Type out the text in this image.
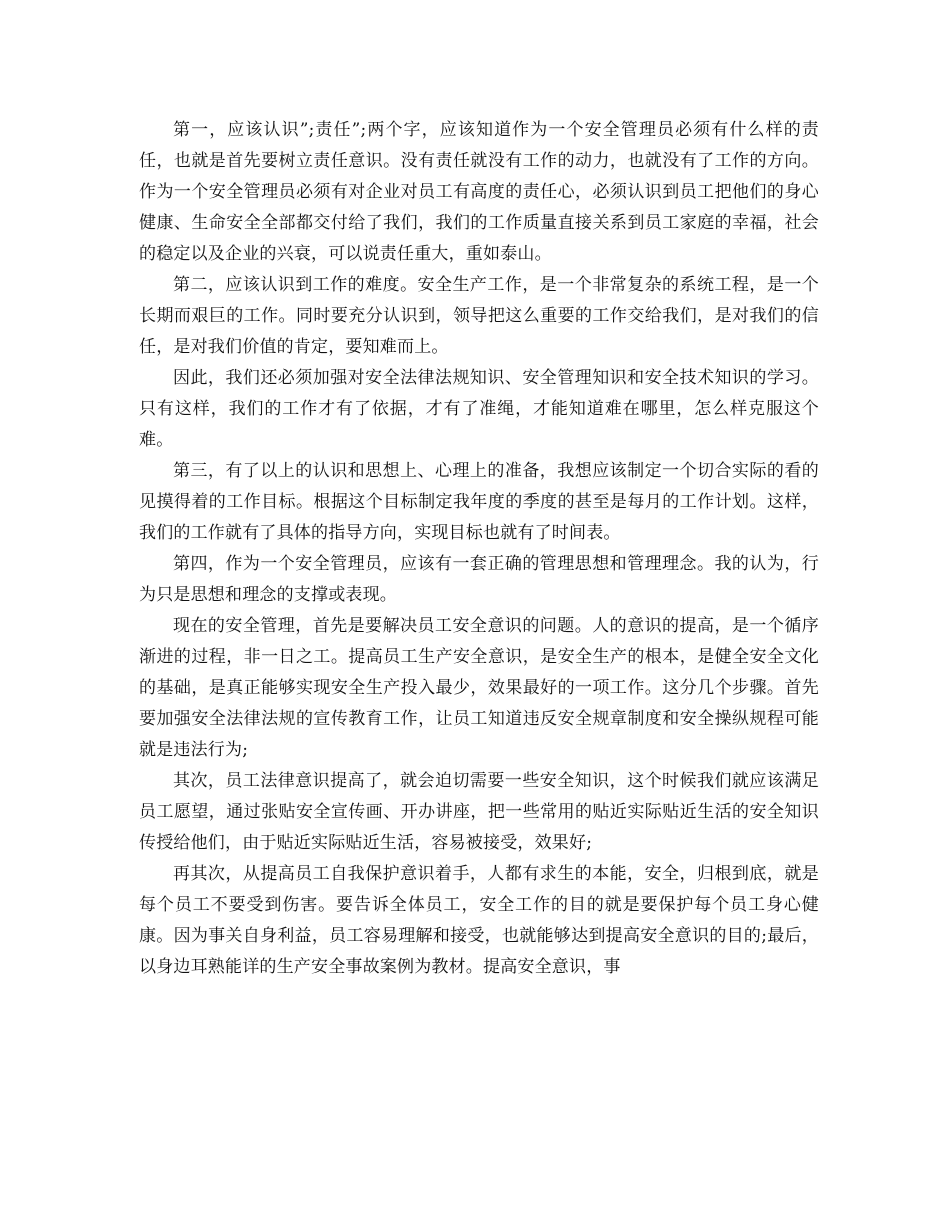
第一，应该认识”;责任”;两个字，应该知道作为一个安全管理员必须有什么样的责任，也就是首先要树立责任意识。没有责任就没有工作的动力，也就没有了工作的方向。作为一个安全管理员必须有对企业对员工有高度的责任心，必须认识到员工把他们的身心健康、生命安全全部都交付给了我们，我们的工作质量直接关系到员工家庭的幸福，社会的稳定以及企业的兴衰，可以说责任重大，重如泰山。

第二，应该认识到工作的难度。安全生产工作，是一个非常复杂的系统工程，是一个长期而艰巨的工作。同时要充分认识到，领导把这么重要的工作交给我们，是对我们的信任，是对我们价值的肯定，要知难而上。

因此，我们还必须加强对安全法律法规知识、安全管理知识和安全技术知识的学习。只有这样，我们的工作才有了依据，才有了准绳，才能知道难在哪里，怎么样克服这个难。

第三，有了以上的认识和思想上、心理上的准备，我想应该制定一个切合实际的看的见摸得着的工作目标。根据这个目标制定我年度的季度的甚至是每月的工作计划。这样，我们的工作就有了具体的指导方向，实现目标也就有了时间表。

第四，作为一个安全管理员，应该有一套正确的管理思想和管理理念。我的认为，行为只是思想和理念的支撑或表现。

现在的安全管理，首先是要解决员工安全意识的问题。人的意识的提高，是一个循序渐进的过程，非一日之工。提高员工生产安全意识，是安全生产的根本，是健全安全文化的基础，是真正能够实现安全生产投入最少，效果最好的一项工作。这分几个步骤。首先要加强安全法律法规的宣传教育工作，让员工知道违反安全规章制度和安全操纵规程可能就是违法行为;

其次，员工法律意识提高了，就会迫切需要一些安全知识，这个时候我们就应该满足员工愿望，通过张贴安全宣传画、开办讲座，把一些常用的贴近实际贴近生活的安全知识传授给他们，由于贴近实际贴近生活，容易被接受，效果好;

再其次，从提高员工自我保护意识着手，人都有求生的本能，安全，归根到底，就是每个员工不要受到伤害。要告诉全体员工，安全工作的目的就是要保护每个员工身心健康。因为事关自身利益，员工容易理解和接受，也就能够达到提高安全意识的目的;最后，以身边耳熟能详的生产安全事故案例为教材。提高安全意识，事
